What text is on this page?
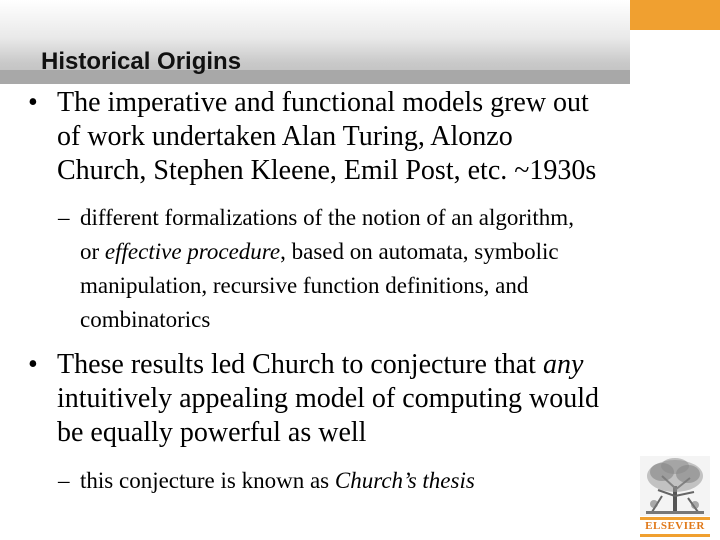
Historical Origins
• The imperative and functional models grew out
of work undertaken Alan Turing, Alonzo
Church, Stephen Kleene, Emil Post, etc. ~1930s
– different formalizations of the notion of an algorithm,
or effective procedure, based on automata, symbolic
manipulation, recursive function definitions, and
combinatorics
• These results led Church to conjecture that any
intuitively appealing model of computing would
be equally powerful as well
– this conjecture is known as Church’s thesis
ELSEVIER
